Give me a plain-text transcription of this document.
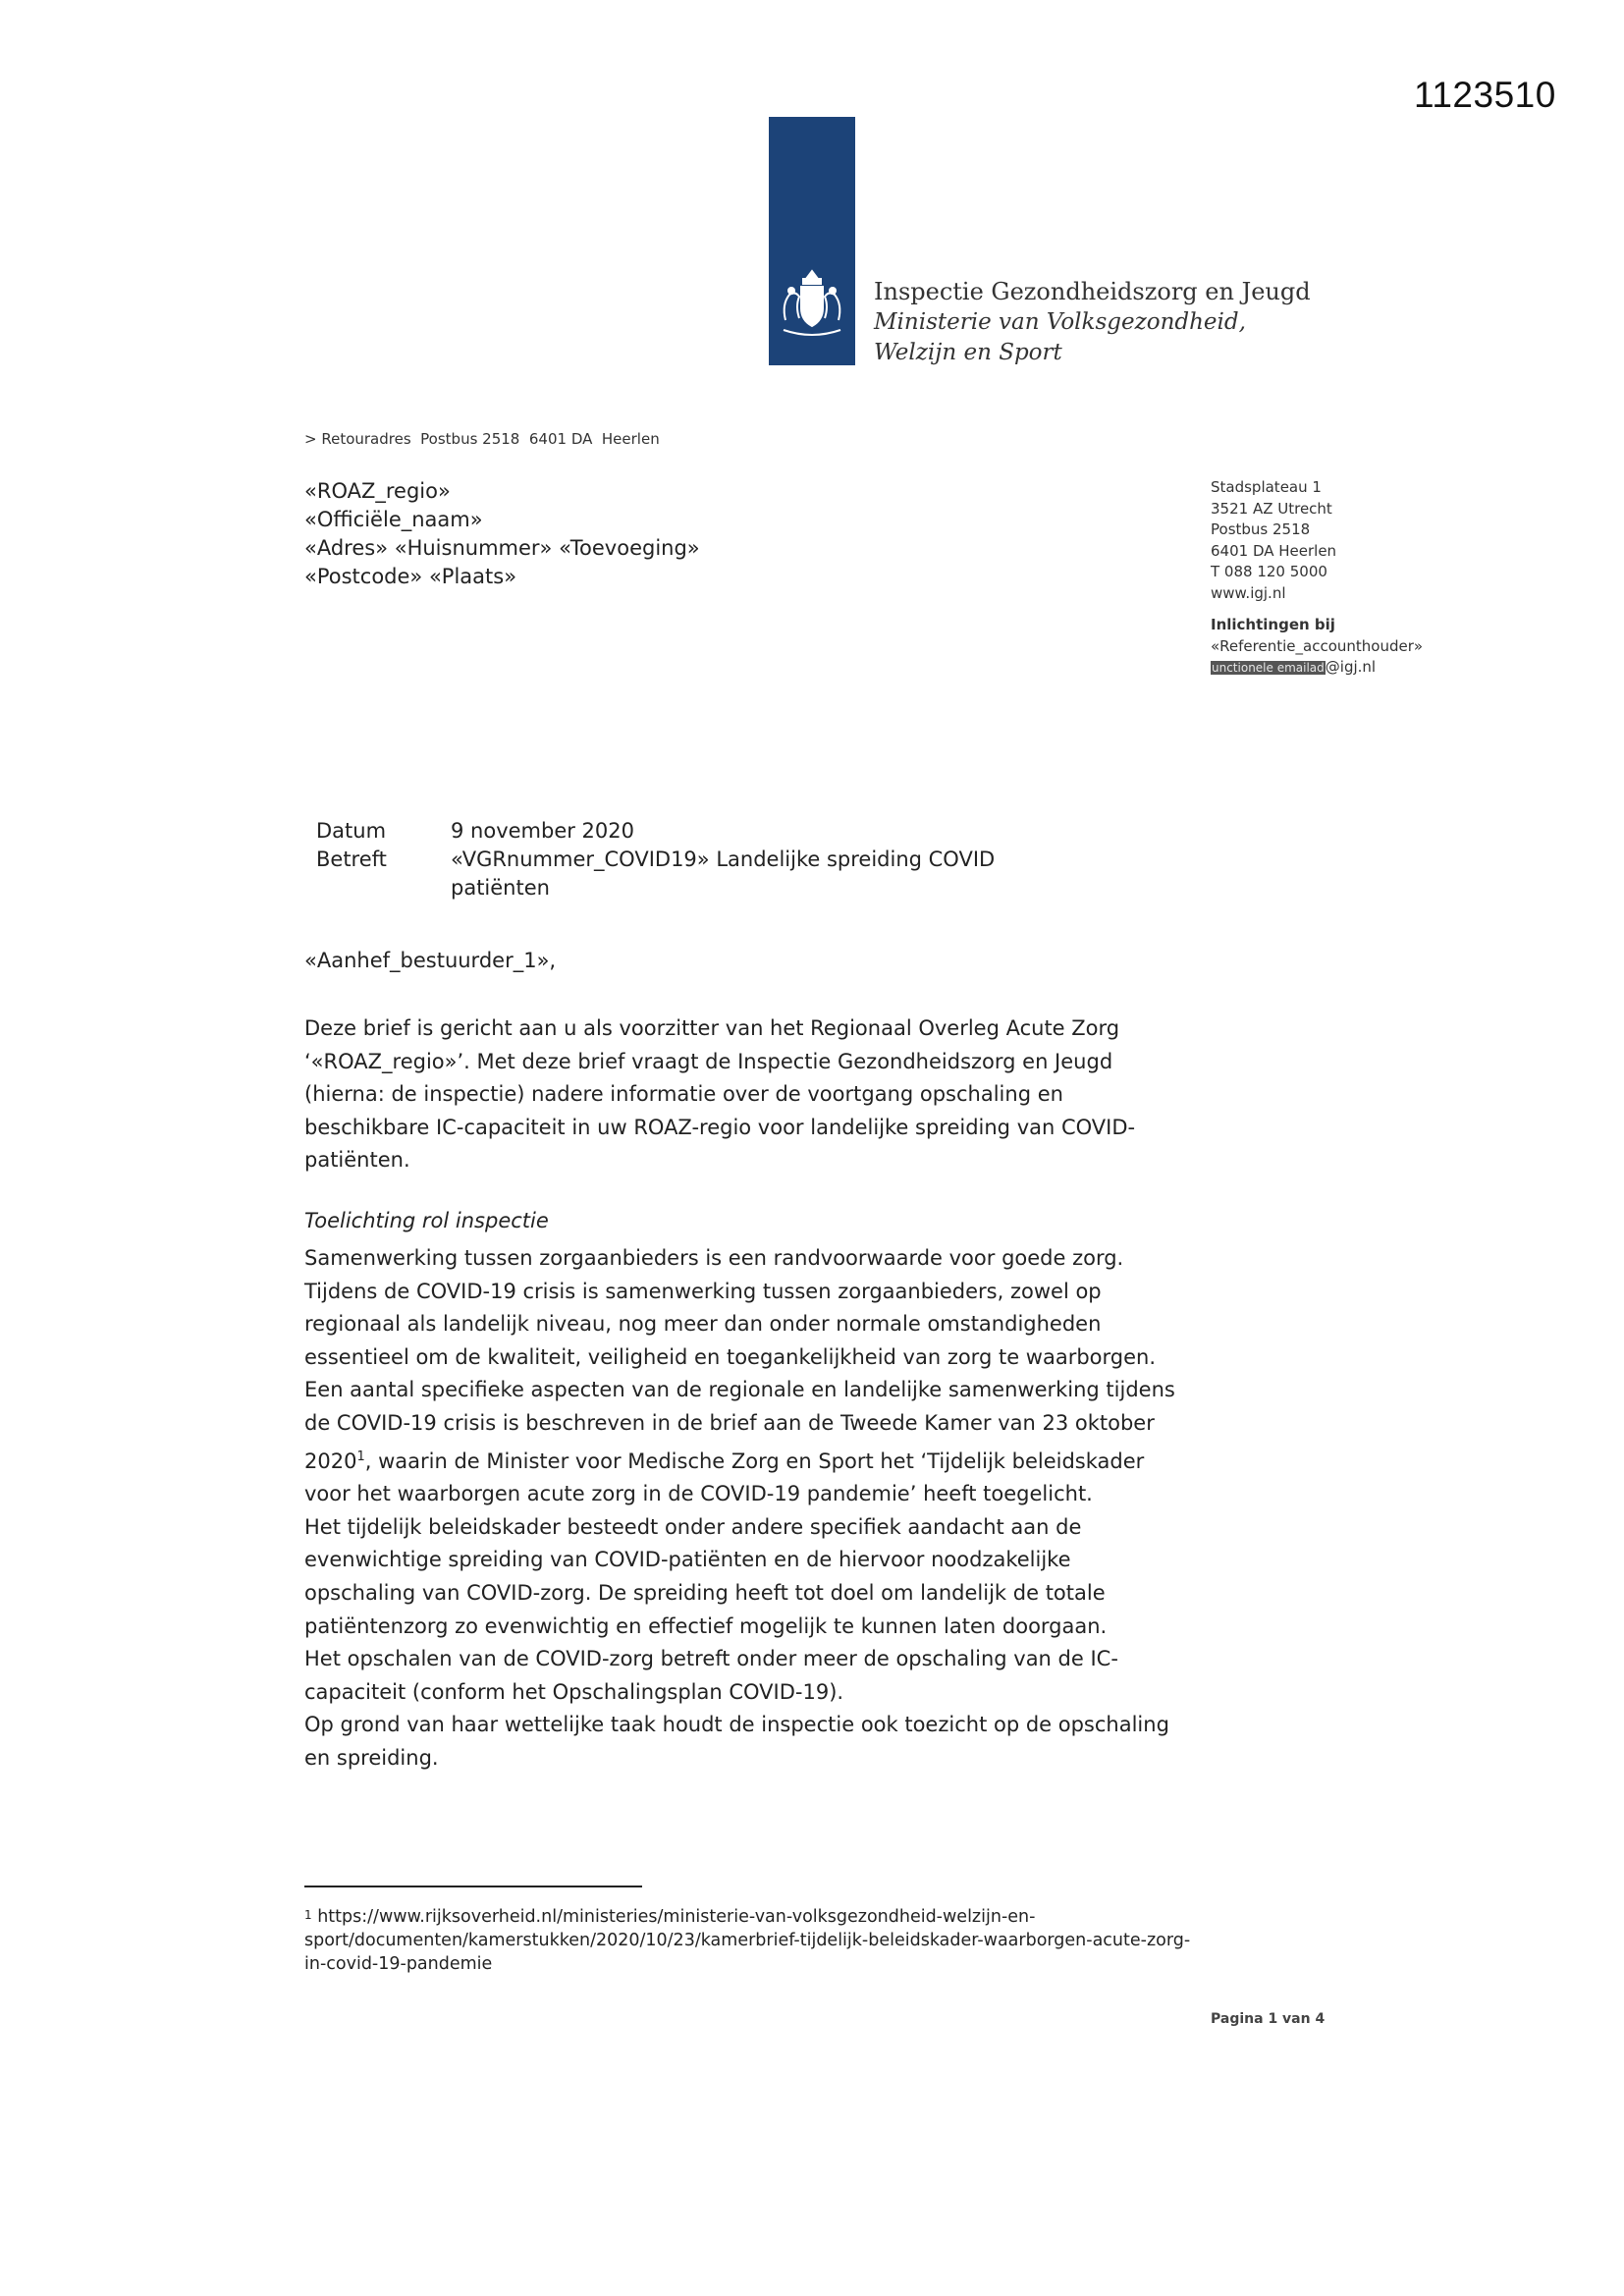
1123510
Inspectie Gezondheidszorg en Jeugd
Ministerie van Volksgezondheid,
Welzijn en Sport
> Retouradres  Postbus 2518  6401 DA  Heerlen
«ROAZ_regio»
«Officiële_naam»
«Adres» «Huisnummer» «Toevoeging»
«Postcode» «Plaats»
Stadsplateau 1
3521 AZ Utrecht
Postbus 2518
6401 DA Heerlen
T 088 120 5000
www.igj.nl
Inlichtingen bij
«Referentie_accounthouder»
unctionele emailad@igj.nl
Datum	9 november 2020
Betreft	«VGRnummer_COVID19» Landelijke spreiding COVID
patiënten
«Aanhef_bestuurder_1»,
Deze brief is gericht aan u als voorzitter van het Regionaal Overleg Acute Zorg ‘«ROAZ_regio»’. Met deze brief vraagt de Inspectie Gezondheidszorg en Jeugd (hierna: de inspectie) nadere informatie over de voortgang opschaling en beschikbare IC-capaciteit in uw ROAZ-regio voor landelijke spreiding van COVID-patiënten.
Toelichting rol inspectie
Samenwerking tussen zorgaanbieders is een randvoorwaarde voor goede zorg. Tijdens de COVID-19 crisis is samenwerking tussen zorgaanbieders, zowel op regionaal als landelijk niveau, nog meer dan onder normale omstandigheden essentieel om de kwaliteit, veiligheid en toegankelijkheid van zorg te waarborgen. Een aantal specifieke aspecten van de regionale en landelijke samenwerking tijdens de COVID-19 crisis is beschreven in de brief aan de Tweede Kamer van 23 oktober 2020$^1$, waarin de Minister voor Medische Zorg en Sport het ‘Tijdelijk beleidskader voor het waarborgen acute zorg in de COVID-19 pandemie’ heeft toegelicht.
Het tijdelijk beleidskader besteedt onder andere specifiek aandacht aan de evenwichtige spreiding van COVID-patiënten en de hiervoor noodzakelijke opschaling van COVID-zorg. De spreiding heeft tot doel om landelijk de totale patiëntenzorg zo evenwichtig en effectief mogelijk te kunnen laten doorgaan.
Het opschalen van de COVID-zorg betreft onder meer de opschaling van de IC-capaciteit (conform het Opschalingsplan COVID-19).
Op grond van haar wettelijke taak houdt de inspectie ook toezicht op de opschaling en spreiding.
$^1$ https://www.rijksoverheid.nl/ministeries/ministerie-van-volksgezondheid-welzijn-en-sport/documenten/kamerstukken/2020/10/23/kamerbrief-tijdelijk-beleidskader-waarborgen-acute-zorg-in-covid-19-pandemie
Pagina 1 van 4
